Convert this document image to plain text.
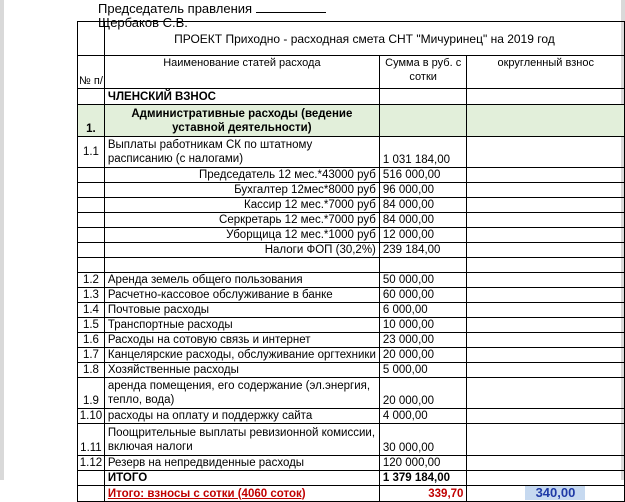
Председатель правления
Щербаков С.В.
	ПРОЕКТ Приходно - расходная смета СНТ "Мичуринец" на 2019 год		
№ п/	Наименование статей расхода	Сумма в руб. с сотки	округленный взнос
	ЧЛЕНСКИЙ ВЗНОС		
1.	Административные расходы (ведение уставной деятельности)		
1.1	Выплаты работникам СК по штатному расписанию (с налогами)	1 031 184,00	
	Председатель 12 мес.*43000 руб	516 000,00	
	Бухгалтер 12мес*8000 руб	96 000,00	
	Кассир 12 мес.*7000 руб	84 000,00	
	Серкретарь 12 мес.*7000 руб	84 000,00	
	Уборщица 12 мес.*1000 руб	12 000,00	
	Налоги ФОП (30,2%)	239 184,00	

1.2	Аренда земель общего пользования	50 000,00	
1.3	Расчетно-кассовое обслуживание в банке	60 000,00	
1.4	Почтовые расходы	6 000,00	
1.5	Транспортные расходы	10 000,00	
1.6	Расходы на сотовую связь и интернет	23 000,00	
1.7	Канцелярские расходы, обслуживание оргтехники	20 000,00	
1.8	Хозяйственные расходы	5 000,00	
1.9	аренда помещения, его содержание (эл.энергия, тепло, вода)	20 000,00	
1.10	расходы на оплату и поддержку сайта	4 000,00	
1.11	Поощрительные выплаты ревизионной комиссии, включая налоги	30 000,00	
1.12	Резерв на непредвиденные расходы	120 000,00	
	ИТОГО	1 379 184,00	
	Итого: взносы с сотки (4060 соток)	339,70	340,00
